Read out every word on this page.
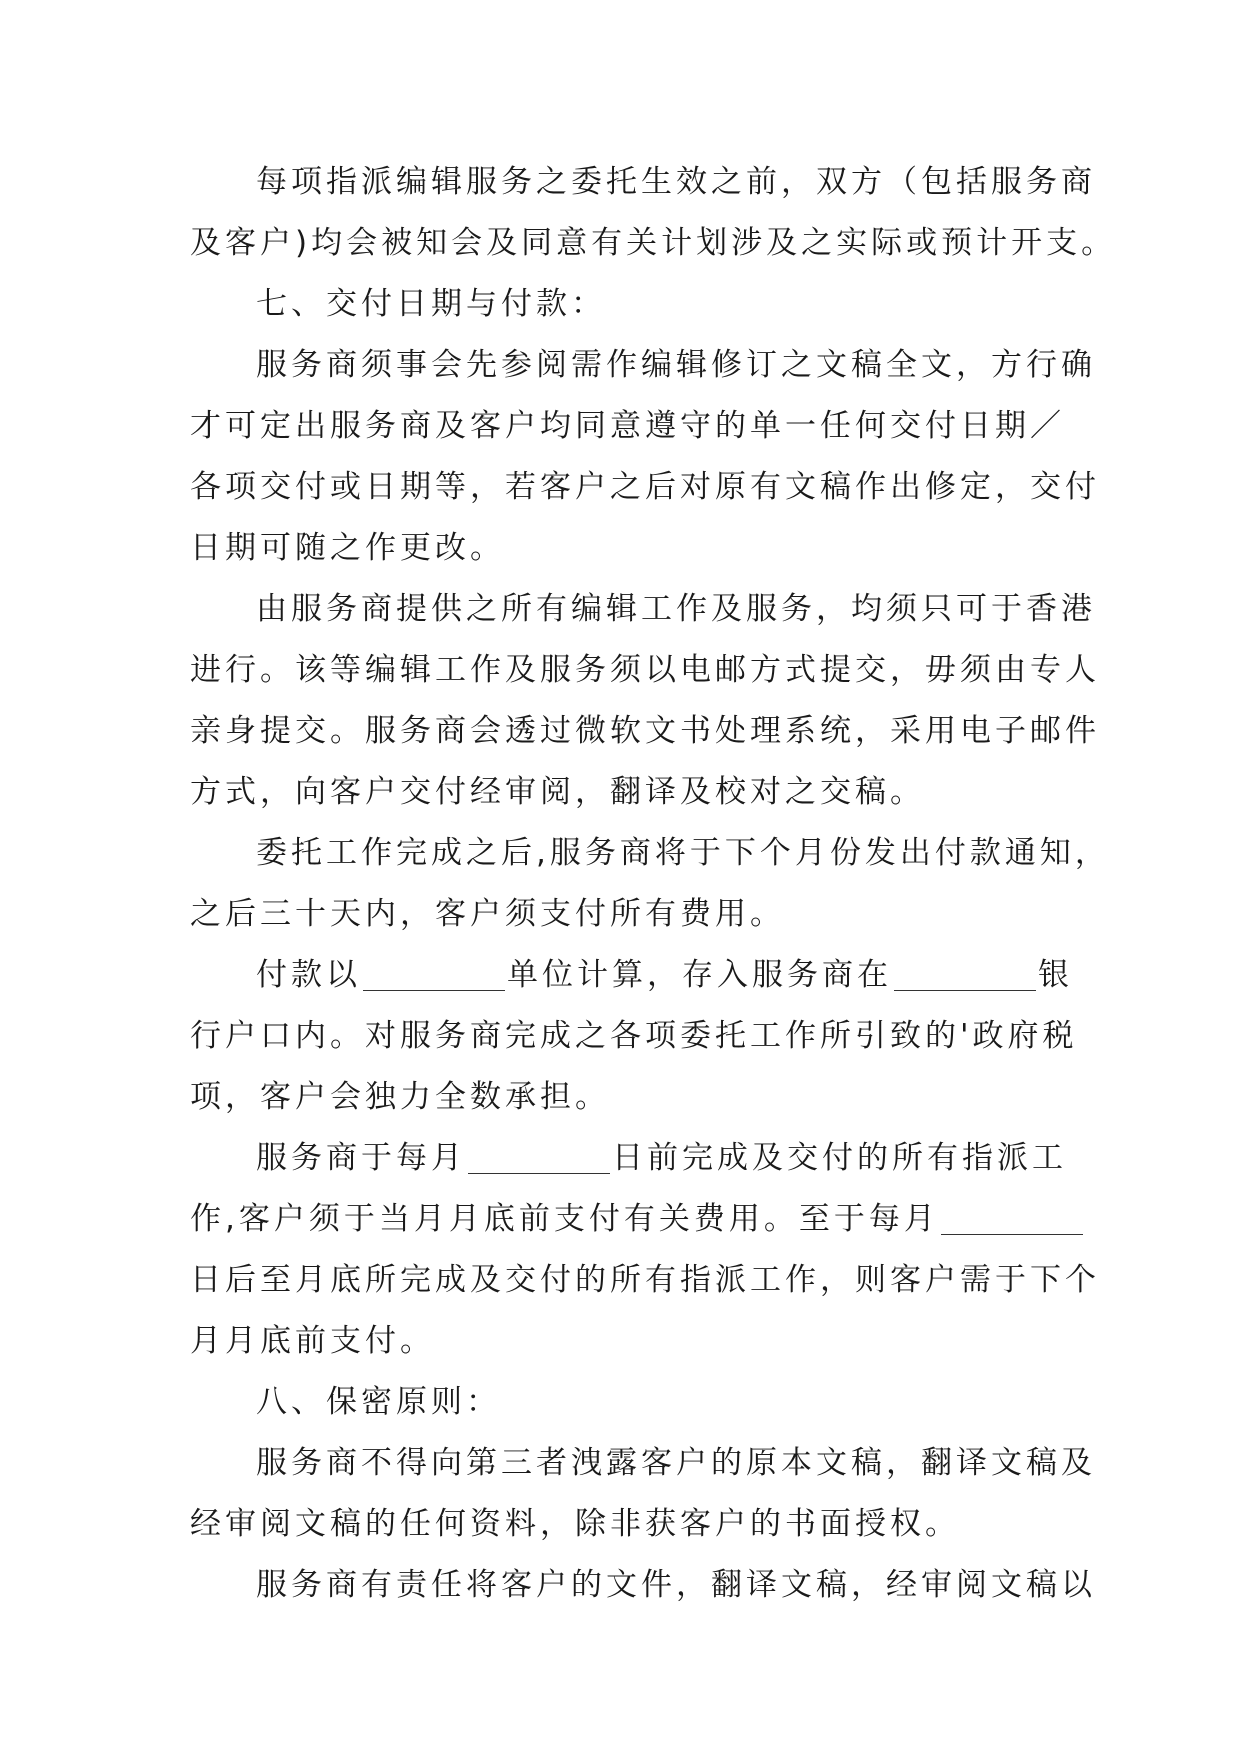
每项指派编辑服务之委托生效之前，双方（包括服务商
及客户)均会被知会及同意有关计划涉及之实际或预计开支。
七、交付日期与付款：
服务商须事会先参阅需作编辑修订之文稿全文，方行确
才可定出服务商及客户均同意遵守的单一任何交付日期／
各项交付或日期等，若客户之后对原有文稿作出修定，交付
日期可随之作更改。
由服务商提供之所有编辑工作及服务，均须只可于香港
进行。该等编辑工作及服务须以电邮方式提交，毋须由专人
亲身提交。服务商会透过微软文书处理系统，采用电子邮件
方式，向客户交付经审阅，翻译及校对之交稿。
委托工作完成之后,服务商将于下个月份发出付款通知，
之后三十天内，客户须支付所有费用。
付款以	单位计算，存入服务商在	银
行户口内。对服务商完成之各项委托工作所引致的'政府税
项，客户会独力全数承担。
服务商于每月	日前完成及交付的所有指派工
作,客户须于当月月底前支付有关费用。至于每月
日后至月底所完成及交付的所有指派工作，则客户需于下个
月月底前支付。
八、保密原则：
服务商不得向第三者洩露客户的原本文稿，翻译文稿及
经审阅文稿的任何资料，除非获客户的书面授权。
服务商有责任将客户的文件，翻译文稿，经审阅文稿以
